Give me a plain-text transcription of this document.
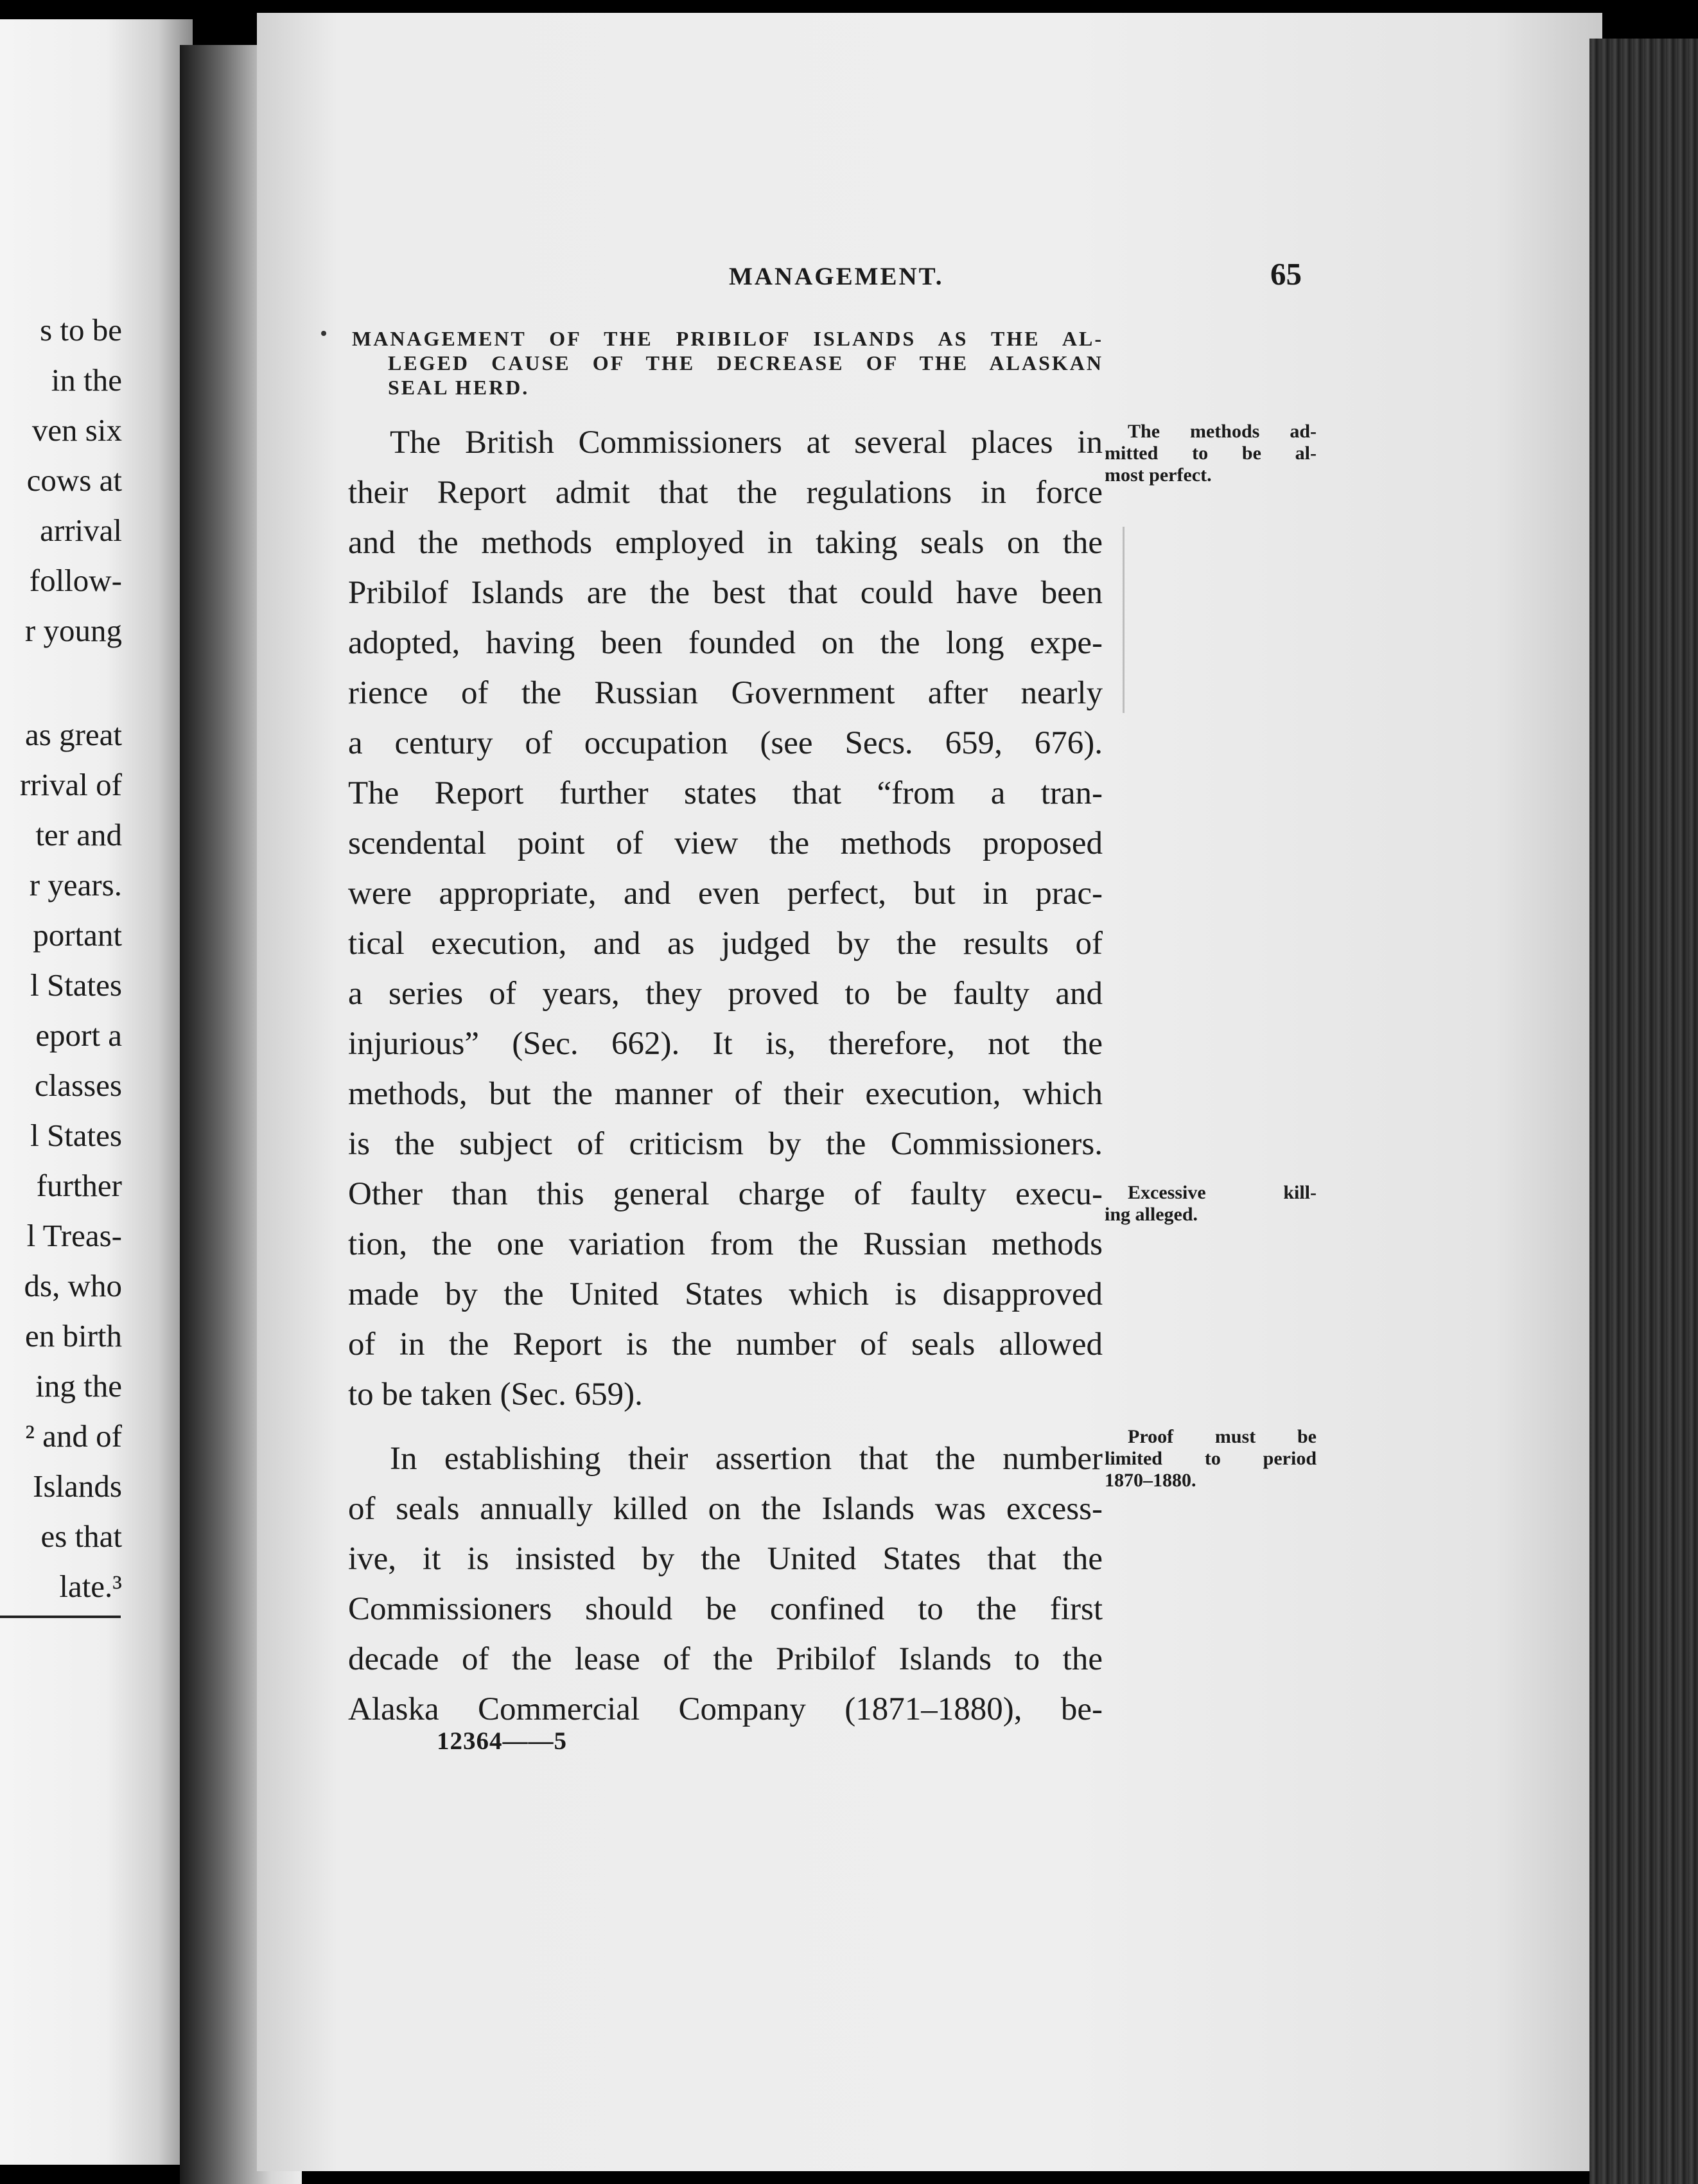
s to be
in the
ven six
cows at
arrival
follow-
r young
as great
rrival of
ter and
r years.
portant
l States
eport a
classes
l States
further
l Treas-
ds, who
en birth
ing the
² and of
Islands
es that
late.³
MANAGEMENT.	65
MANAGEMENT OF THE PRIBILOF ISLANDS AS THE AL-
LEGED CAUSE OF THE DECREASE OF THE ALASKAN
SEAL HERD.
The British Commissioners at several places in
their Report admit that the regulations in force
and the methods employed in taking seals on the
Pribilof Islands are the best that could have been
adopted, having been founded on the long expe-
rience of the Russian Government after nearly
a century of occupation (see Secs. 659, 676).
The Report further states that “from a tran-
scendental point of view the methods proposed
were appropriate, and even perfect, but in prac-
tical execution, and as judged by the results of
a series of years, they proved to be faulty and
injurious” (Sec. 662). It is, therefore, not the
methods, but the manner of their execution, which
is the subject of criticism by the Commissioners.
Other than this general charge of faulty execu-
tion, the one variation from the Russian methods
made by the United States which is disapproved
of in the Report is the number of seals allowed
to be taken (Sec. 659).
In establishing their assertion that the number
of seals annually killed on the Islands was excess-
ive, it is insisted by the United States that the
Commissioners should be confined to the first
decade of the lease of the Pribilof Islands to the
Alaska Commercial Company (1871–1880), be-
The methods ad-
mitted to be al-
most perfect.
Excessive kill-
ing alleged.
Proof must be
limited to period
1870–1880.
12364——5
